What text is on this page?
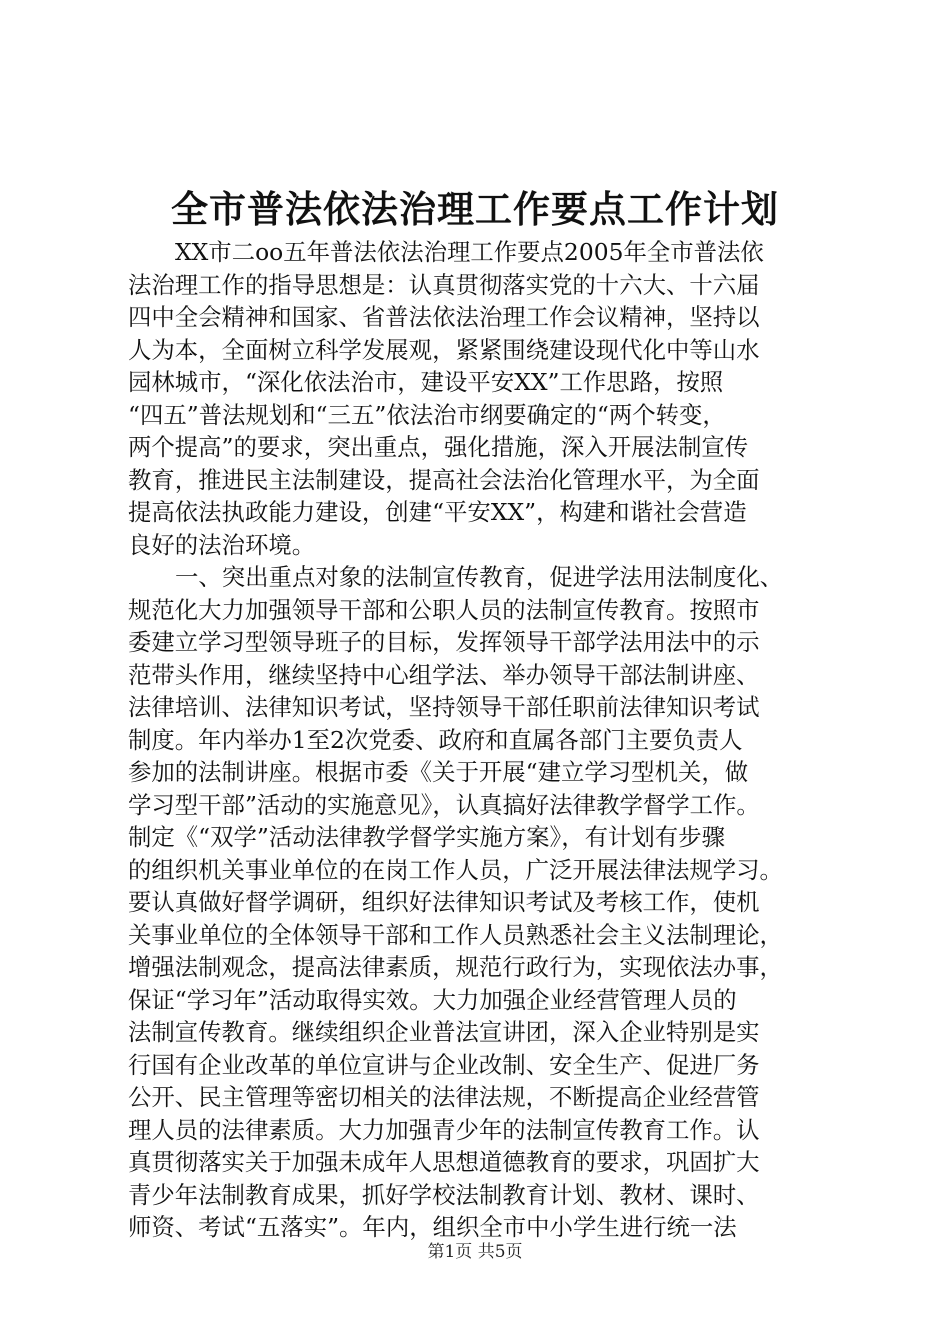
全市普法依法治理工作要点工作计划
XX市二oo五年普法依法治理工作要点2005年全市普法依
法治理工作的指导思想是：认真贯彻落实党的十六大、十六届
四中全会精神和国家、省普法依法治理工作会议精神，坚持以
人为本，全面树立科学发展观，紧紧围绕建设现代化中等山水
园林城市，“深化依法治市，建设平安XX”工作思路，按照
“四五”普法规划和“三五”依法治市纲要确定的“两个转变，
两个提高”的要求，突出重点，强化措施，深入开展法制宣传
教育，推进民主法制建设，提高社会法治化管理水平，为全面
提高依法执政能力建设，创建“平安XX”，构建和谐社会营造
良好的法治环境。
一、突出重点对象的法制宣传教育，促进学法用法制度化、
规范化大力加强领导干部和公职人员的法制宣传教育。按照市
委建立学习型领导班子的目标，发挥领导干部学法用法中的示
范带头作用，继续坚持中心组学法、举办领导干部法制讲座、
法律培训、法律知识考试，坚持领导干部任职前法律知识考试
制度。年内举办1至2次党委、政府和直属各部门主要负责人
参加的法制讲座。根据市委《关于开展“建立学习型机关，做
学习型干部”活动的实施意见》，认真搞好法律教学督学工作。
制定《“双学”活动法律教学督学实施方案》，有计划有步骤
的组织机关事业单位的在岗工作人员，广泛开展法律法规学习。
要认真做好督学调研，组织好法律知识考试及考核工作，使机
关事业单位的全体领导干部和工作人员熟悉社会主义法制理论，
增强法制观念，提高法律素质，规范行政行为，实现依法办事，
保证“学习年”活动取得实效。大力加强企业经营管理人员的
法制宣传教育。继续组织企业普法宣讲团，深入企业特别是实
行国有企业改革的单位宣讲与企业改制、安全生产、促进厂务
公开、民主管理等密切相关的法律法规，不断提高企业经营管
理人员的法律素质。大力加强青少年的法制宣传教育工作。认
真贯彻落实关于加强未成年人思想道德教育的要求，巩固扩大
青少年法制教育成果，抓好学校法制教育计划、教材、课时、
师资、考试“五落实”。年内，组织全市中小学生进行统一法
第1页 共5页
